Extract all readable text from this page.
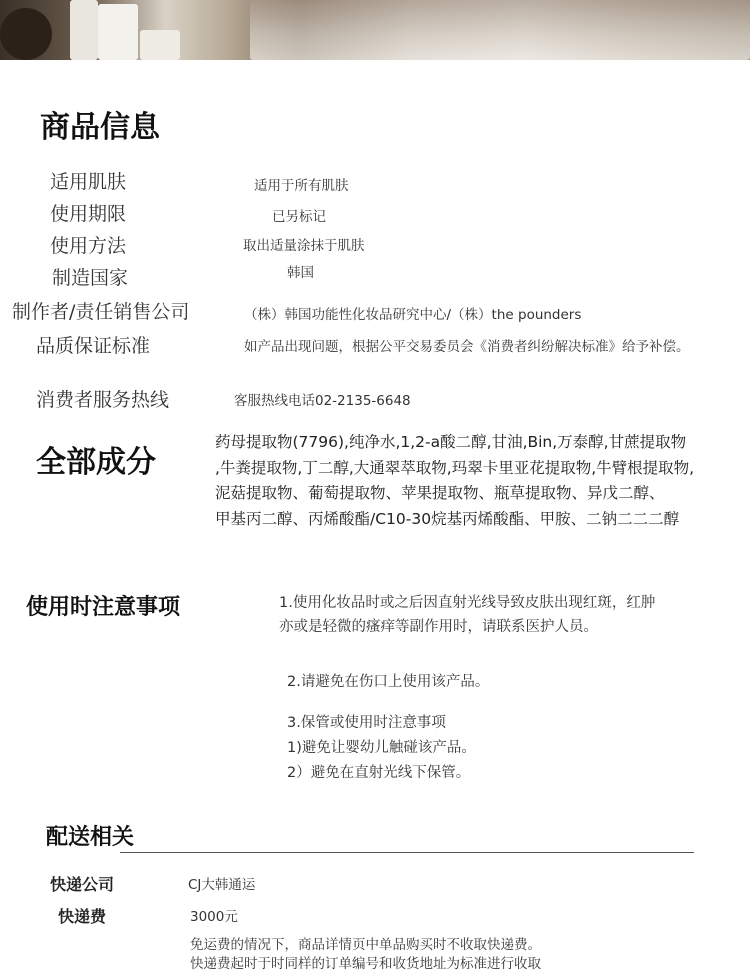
商品信息
适用肌肤	适用于所有肌肤
使用期限	已另标记
使用方法	取出适量涂抹于肌肤
制造国家	韩国
制作者/责任销售公司	（株）韩国功能性化妆品研究中心/（株）the pounders
品质保证标准	如产品出现问题，根据公平交易委员会《消费者纠纷解决标准》给予补偿。
消费者服务热线	客服热线电话02-2135-6648
全部成分
药母提取物(7796),纯净水,1,2-a酸二醇,甘油,Bin,万泰醇,甘蔗提取物
,牛粪提取物,丁二醇,大通翠萃取物,玛翠卡里亚花提取物,牛臂根提取物,
泥菇提取物、葡萄提取物、苹果提取物、瓶草提取物、异戊二醇、
甲基丙二醇、丙烯酸酯/C10-30烷基丙烯酸酯、甲胺、二钠二二二醇
使用时注意事项	1.使用化妆品时或之后因直射光线导致皮肤出现红斑，红肿
亦或是轻微的瘙痒等副作用时，请联系医护人员。
2.请避免在伤口上使用该产品。
3.保管或使用时注意事项
1)避免让婴幼儿触碰该产品。
2）避免在直射光线下保管。
配送相关
快递公司	CJ大韩通运
快递费	3000元
免运费的情况下，商品详情页中单品购买时不收取快递费。
快递费起时于时同样的订单编号和收货地址为标准进行收取
